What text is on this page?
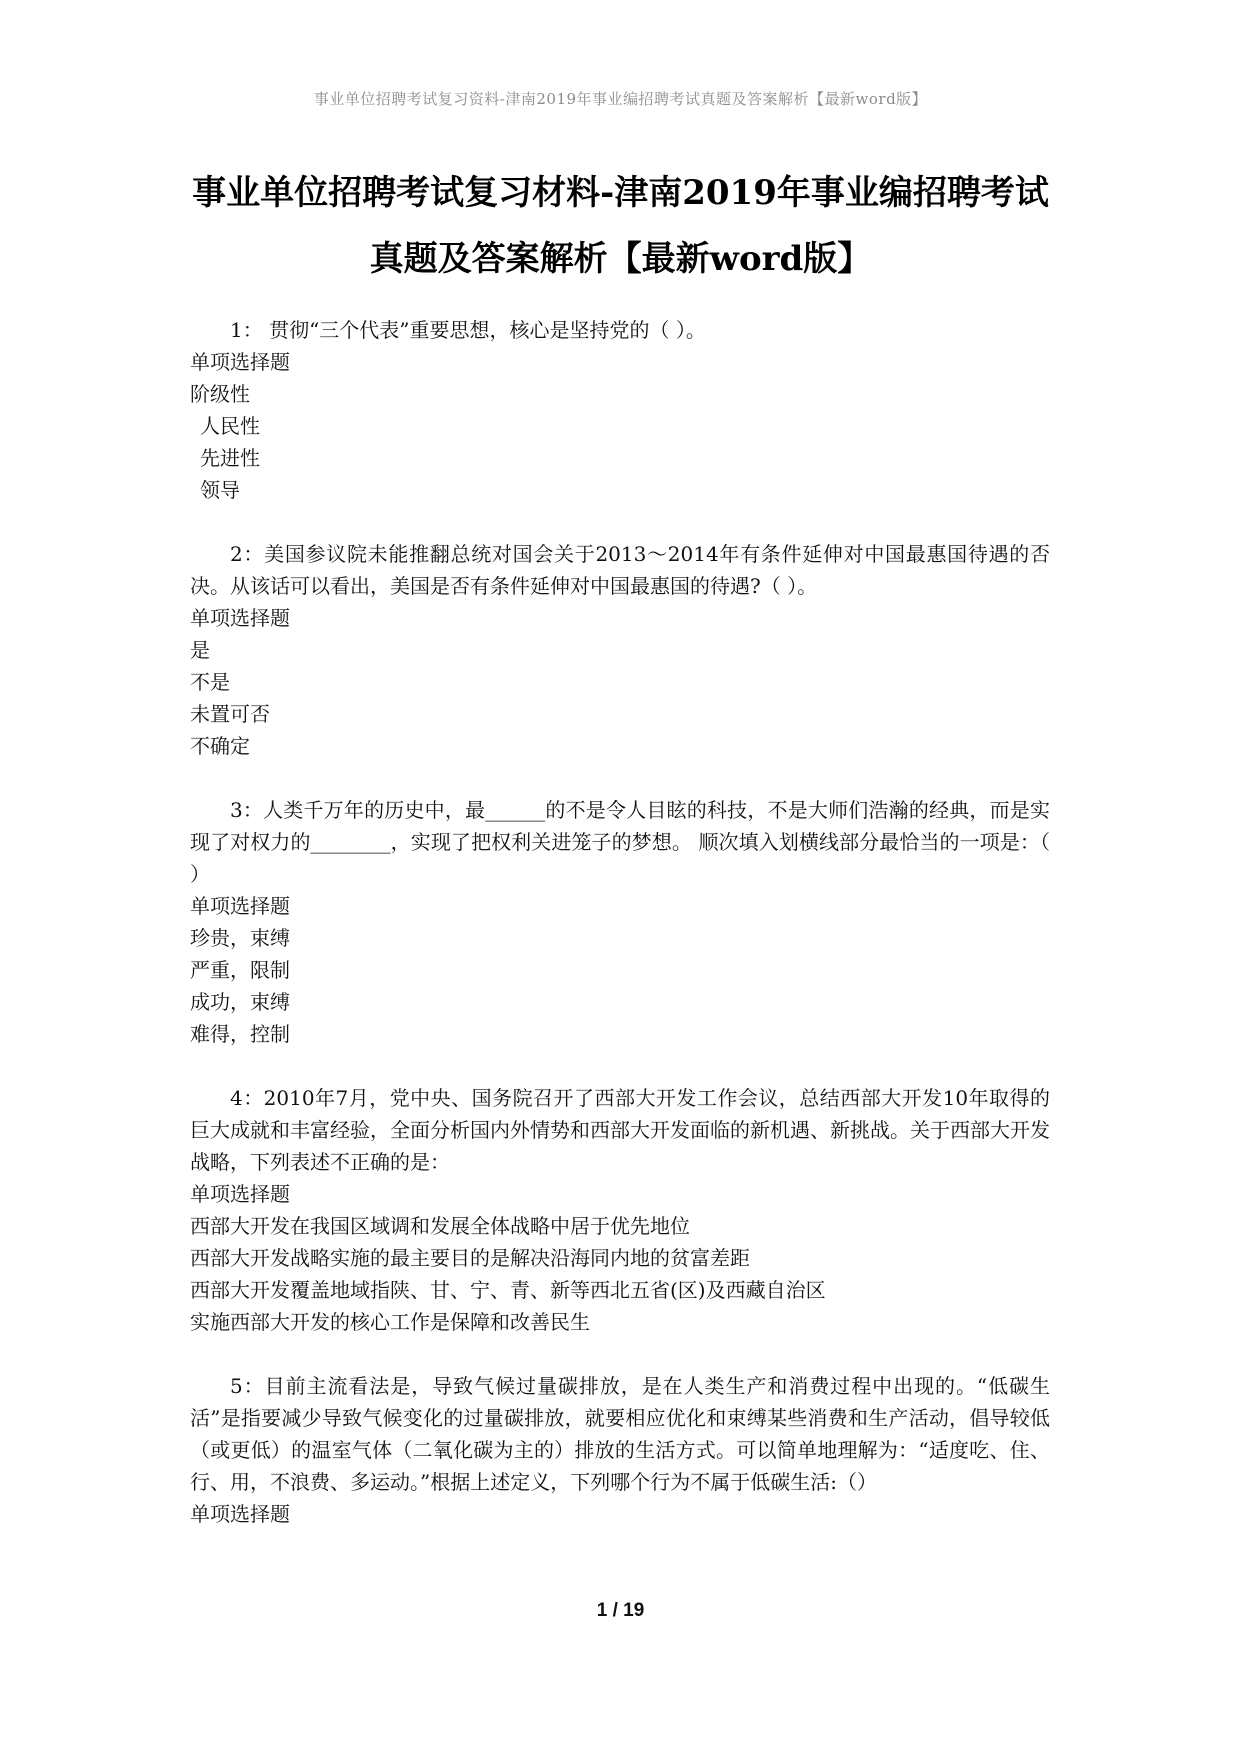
事业单位招聘考试复习资料-津南2019年事业编招聘考试真题及答案解析【最新word版】
事业单位招聘考试复习材料-津南2019年事业编招聘考试
真题及答案解析【最新word版】
1： 贯彻“三个代表”重要思想，核心是坚持党的（ ）。
单项选择题
阶级性
人民性
先进性
领导
2：美国参议院未能推翻总统对国会关于2013～2014年有条件延伸对中国最惠国待遇的否决。从该话可以看出，美国是否有条件延伸对中国最惠国的待遇?（ ）。
单项选择题
是
不是
未置可否
不确定
3：人类千万年的历史中，最______的不是令人目眩的科技，不是大师们浩瀚的经典，而是实现了对权力的________，实现了把权利关进笼子的梦想。 顺次填入划横线部分最恰当的一项是：（ ）
单项选择题
珍贵，束缚
严重，限制
成功，束缚
难得，控制
4：2010年7月，党中央、国务院召开了西部大开发工作会议，总结西部大开发10年取得的巨大成就和丰富经验，全面分析国内外情势和西部大开发面临的新机遇、新挑战。关于西部大开发战略，下列表述不正确的是：
单项选择题
西部大开发在我国区域调和发展全体战略中居于优先地位
西部大开发战略实施的最主要目的是解决沿海同内地的贫富差距
西部大开发覆盖地域指陕、甘、宁、青、新等西北五省(区)及西藏自治区
实施西部大开发的核心工作是保障和改善民生
5：目前主流看法是，导致气候过量碳排放，是在人类生产和消费过程中出现的。“低碳生活”是指要减少导致气候变化的过量碳排放，就要相应优化和束缚某些消费和生产活动，倡导较低（或更低）的温室气体（二氧化碳为主的）排放的生活方式。可以简单地理解为：“适度吃、住、行、用，不浪费、多运动。”根据上述定义，下列哪个行为不属于低碳生活:（）
单项选择题
1 / 19
